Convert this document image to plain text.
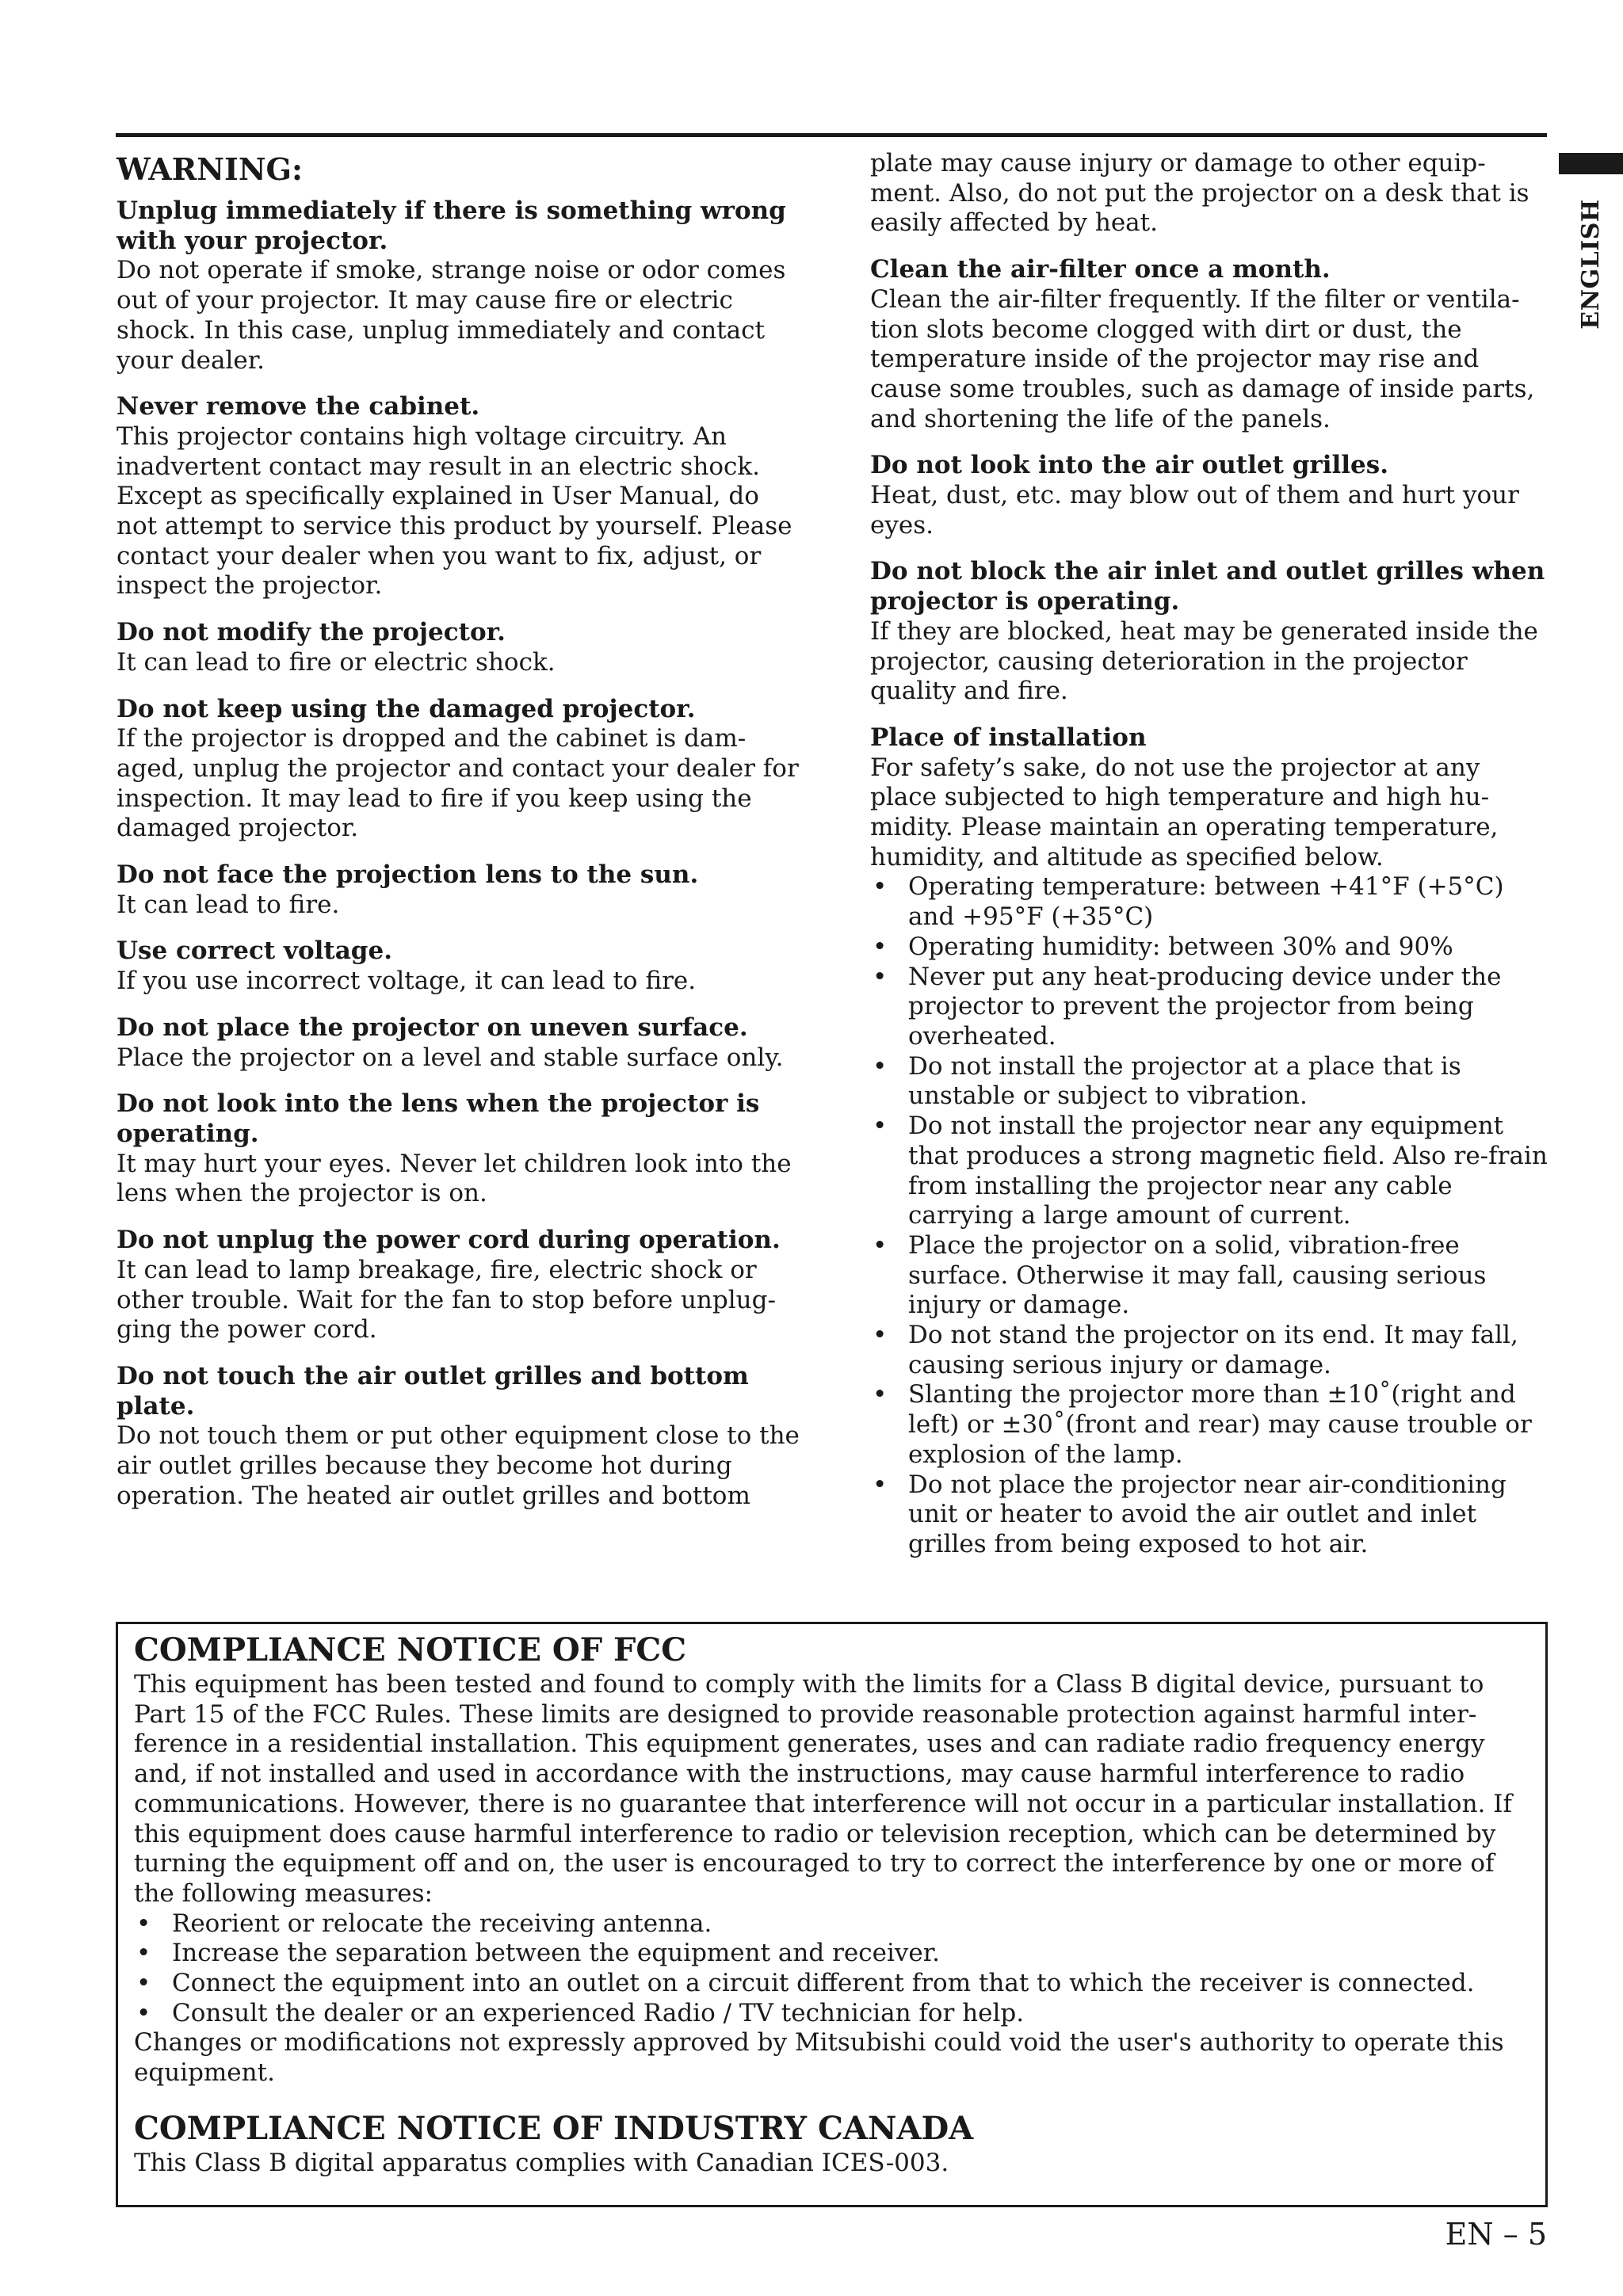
ENGLISH
WARNING:
Unplug immediately if there is something wrong with your projector.
Do not operate if smoke, strange noise or odor comes out of your projector. It may cause fire or electric shock. In this case, unplug immediately and contact your dealer.
Never remove the cabinet.
This projector contains high voltage circuitry. An inadvertent contact may result in an electric shock. Except as specifically explained in User Manual, do not attempt to service this product by yourself. Please contact your dealer when you want to fix, adjust, or inspect the projector.
Do not modify the projector.
It can lead to fire or electric shock.
Do not keep using the damaged projector.
If the projector is dropped and the cabinet is dam-aged, unplug the projector and contact your dealer for inspection. It may lead to fire if you keep using the damaged projector.
Do not face the projection lens to the sun.
It can lead to fire.
Use correct voltage.
If you use incorrect voltage, it can lead to fire.
Do not place the projector on uneven surface.
Place the projector on a level and stable surface only.
Do not look into the lens when the projector is operating.
It may hurt your eyes. Never let children look into the lens when the projector is on.
Do not unplug the power cord during operation.
It can lead to lamp breakage, fire, electric shock or other trouble. Wait for the fan to stop before unplug-ging the power cord.
Do not touch the air outlet grilles and bottom plate.
Do not touch them or put other equipment close to the air outlet grilles because they become hot during operation. The heated air outlet grilles and bottom
plate may cause injury or damage to other equip-ment. Also, do not put the projector on a desk that is easily affected by heat.
Clean the air-filter once a month.
Clean the air-filter frequently. If the filter or ventila-tion slots become clogged with dirt or dust, the temperature inside of the projector may rise and cause some troubles, such as damage of inside parts, and shortening the life of the panels.
Do not look into the air outlet grilles.
Heat, dust, etc. may blow out of them and hurt your eyes.
Do not block the air inlet and outlet grilles when projector is operating.
If they are blocked, heat may be generated inside the projector, causing deterioration in the projector quality and fire.
Place of installation
For safety’s sake, do not use the projector at any place subjected to high temperature and high hu-midity. Please maintain an operating temperature, humidity, and altitude as specified below.
• Operating temperature: between +41°F (+5°C) and +95°F (+35°C)
• Operating humidity: between 30% and 90%
• Never put any heat-producing device under the projector to prevent the projector from being overheated.
• Do not install the projector at a place that is unstable or subject to vibration.
• Do not install the projector near any equipment that produces a strong magnetic field. Also re-frain from installing the projector near any cable carrying a large amount of current.
• Place the projector on a solid, vibration-free surface. Otherwise it may fall, causing serious injury or damage.
• Do not stand the projector on its end. It may fall, causing serious injury or damage.
• Slanting the projector more than ±10˚(right and left) or ±30˚(front and rear) may cause trouble or explosion of the lamp.
• Do not place the projector near air-conditioning unit or heater to avoid the air outlet and inlet grilles from being exposed to hot air.
COMPLIANCE NOTICE OF FCC
This equipment has been tested and found to comply with the limits for a Class B digital device, pursuant to Part 15 of the FCC Rules. These limits are designed to provide reasonable protection against harmful inter-ference in a residential installation. This equipment generates, uses and can radiate radio frequency energy and, if not installed and used in accordance with the instructions, may cause harmful interference to radio communications. However, there is no guarantee that interference will not occur in a particular installation. If this equipment does cause harmful interference to radio or television reception, which can be determined by turning the equipment off and on, the user is encouraged to try to correct the interference by one or more of the following measures:
• Reorient or relocate the receiving antenna.
• Increase the separation between the equipment and receiver.
• Connect the equipment into an outlet on a circuit different from that to which the receiver is connected.
• Consult the dealer or an experienced Radio / TV technician for help.
Changes or modifications not expressly approved by Mitsubishi could void the user's authority to operate this equipment.
COMPLIANCE NOTICE OF INDUSTRY CANADA
This Class B digital apparatus complies with Canadian ICES-003.
EN – 5
